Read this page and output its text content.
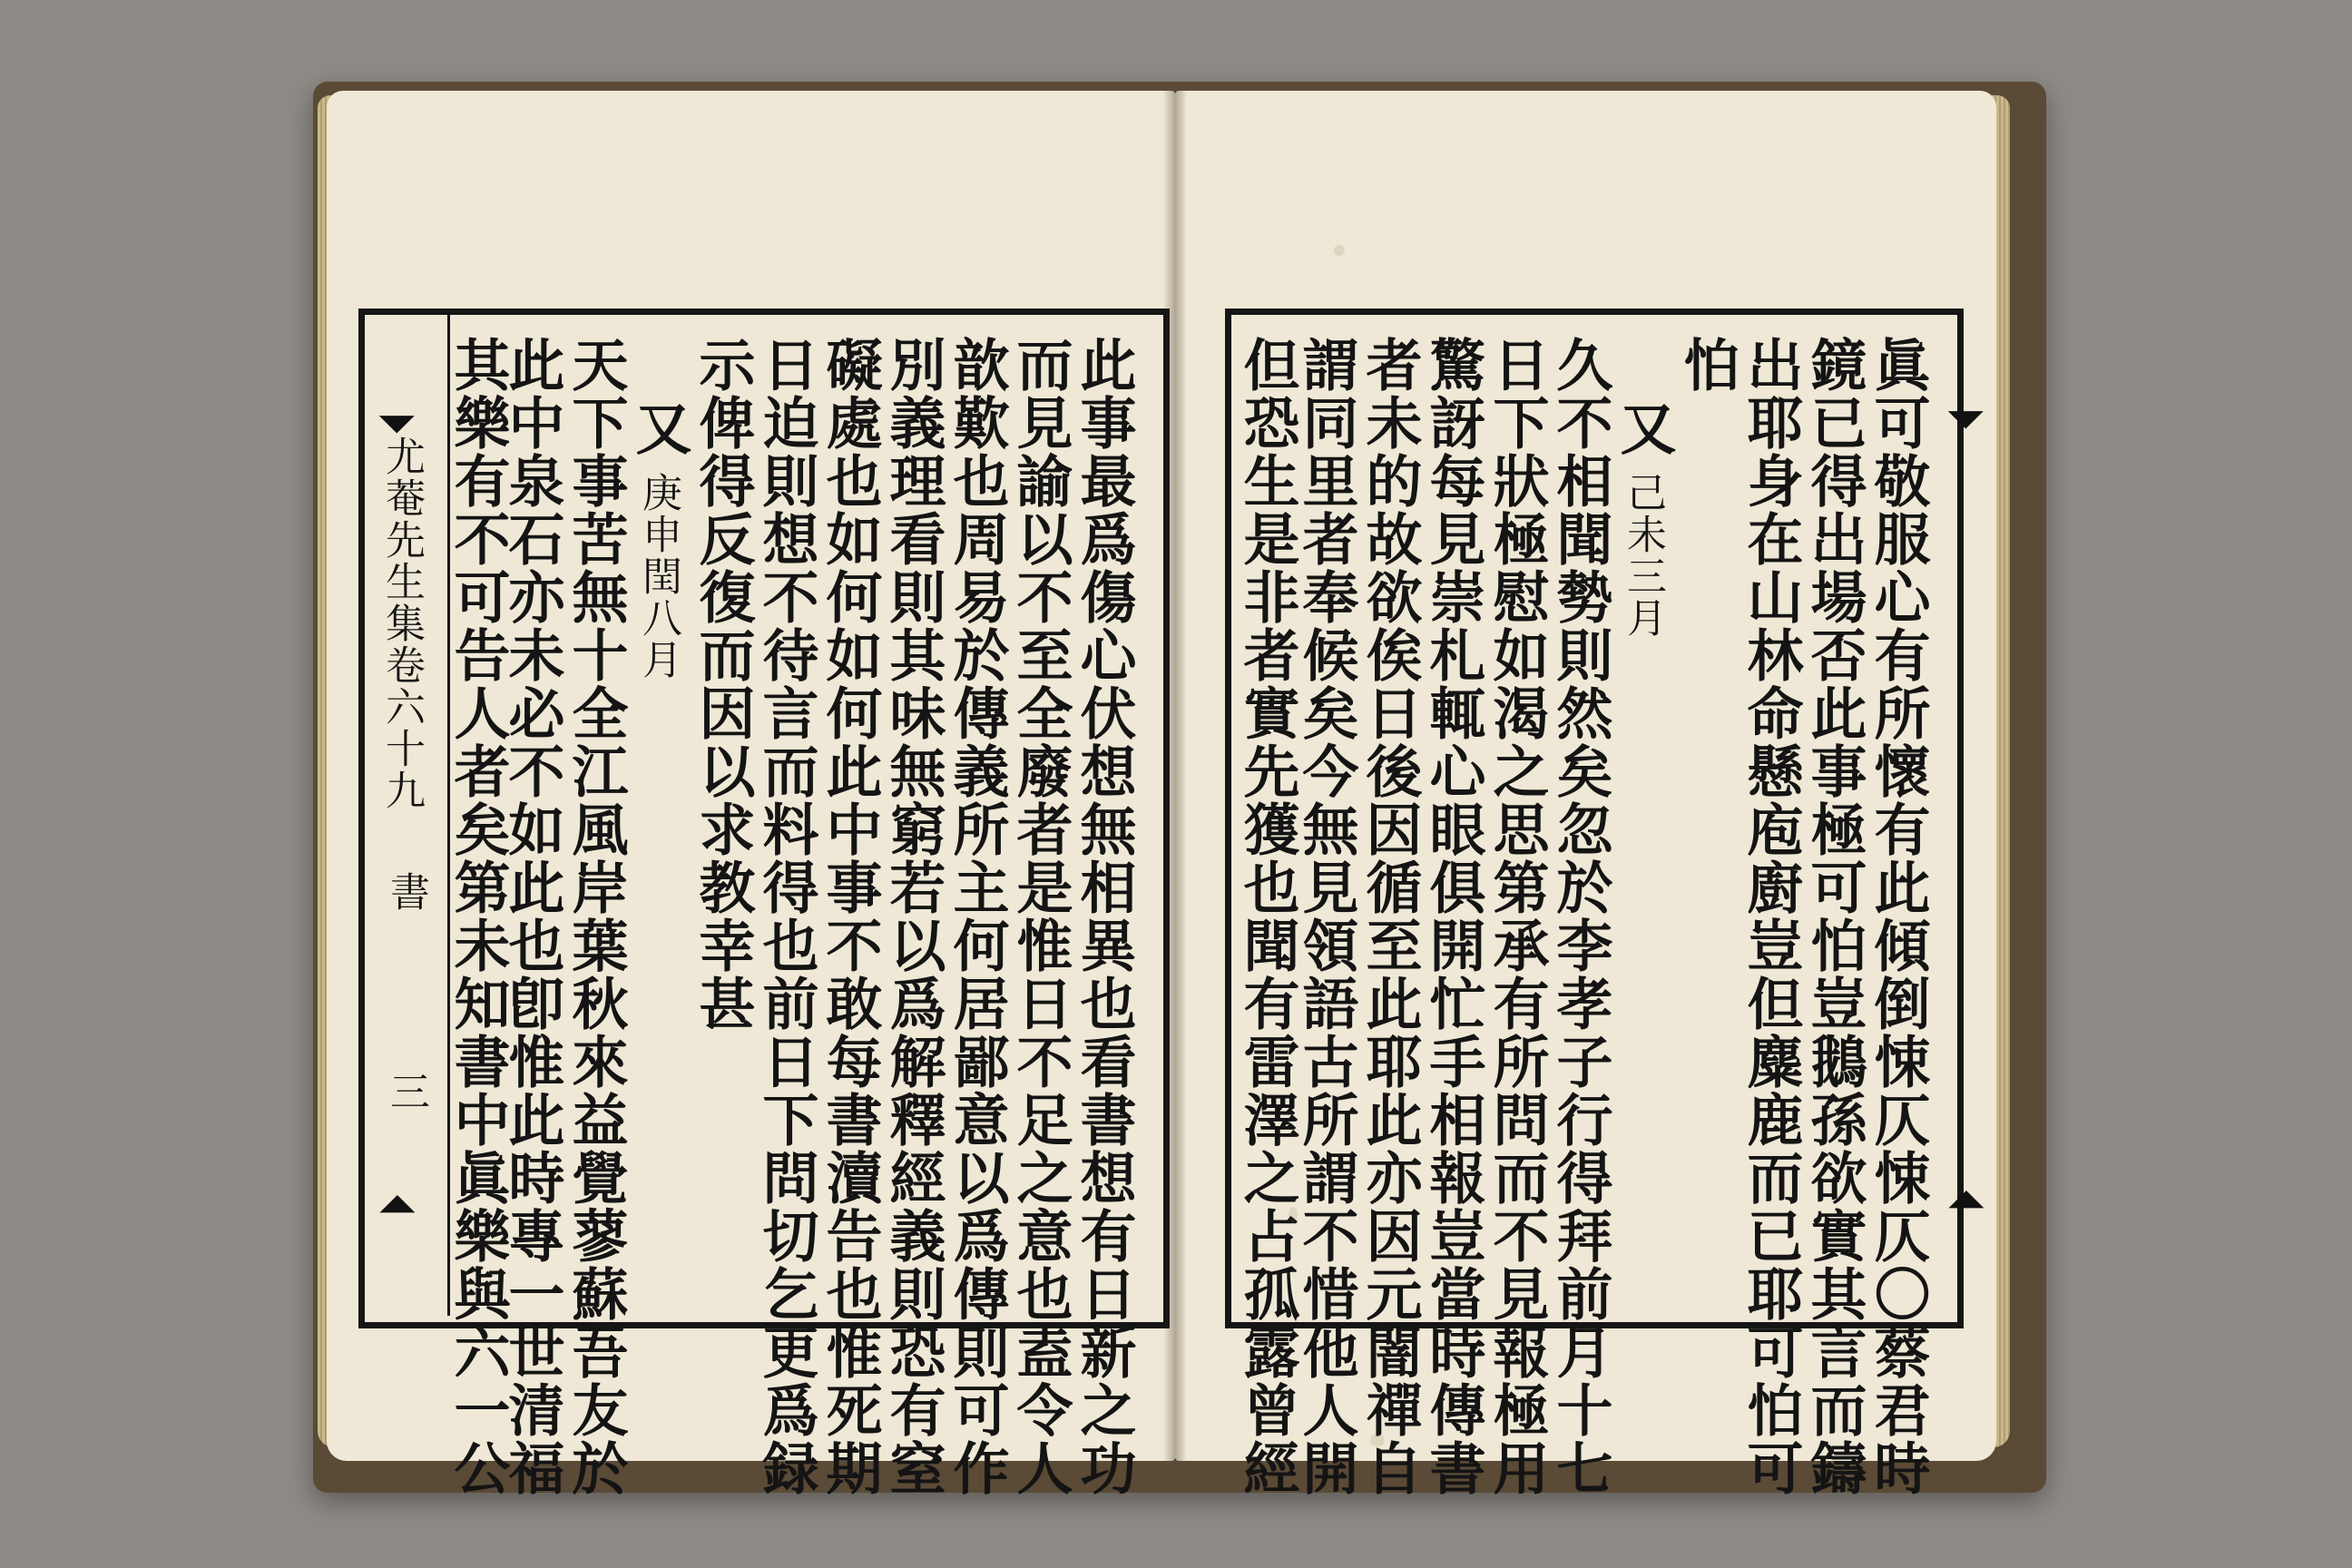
⏷
⏶
尤菴先生集卷六十九
書
三	此事最爲傷心伏想無相異也看書想有日新之功
而見諭以不至全廢者是惟日不足之意也盍令人
歆歎也周易於傳義所主何居鄙意以爲傳則可作
別義理看則其味無窮若以爲解釋經義則恐有窒
礙處也如何如何此中事不敢每書瀆告也惟死期
日迫則想不待言而料得也前日下問切乞更爲録
示俾得反復而因以求教幸甚
又
庚申閏八月
天下事苦無十全江風岸葉秋來益覺蓼蘇吾友於
此中泉石亦未必不如此也卽惟此時專一世清福
其樂有不可告人者矣第未知書中眞樂與六一公	⏷
⏶
眞可敬服心有所懷有此傾倒悚仄悚仄〇蔡君時
鏡已得出場否此事極可怕豈鵝孫欲實其言而鑄
出耶身在山林命懸庖廚豈但麋鹿而已耶可怕可
怕
又
己未三月
久不相聞勢則然矣忽於李孝子行得拜前月十七
日下狀極慰如渴之思第承有所問而不見報極用
驚訝每見崇札輒心眼俱開忙手相報豈當時傳書
者未的故欲俟日後因循至此耶此亦因元闇禪自
謂同里者奉候矣今無見領語古所謂不惜他人開
但恐生是非者實先獲也聞有雷澤之占孤露曾經
